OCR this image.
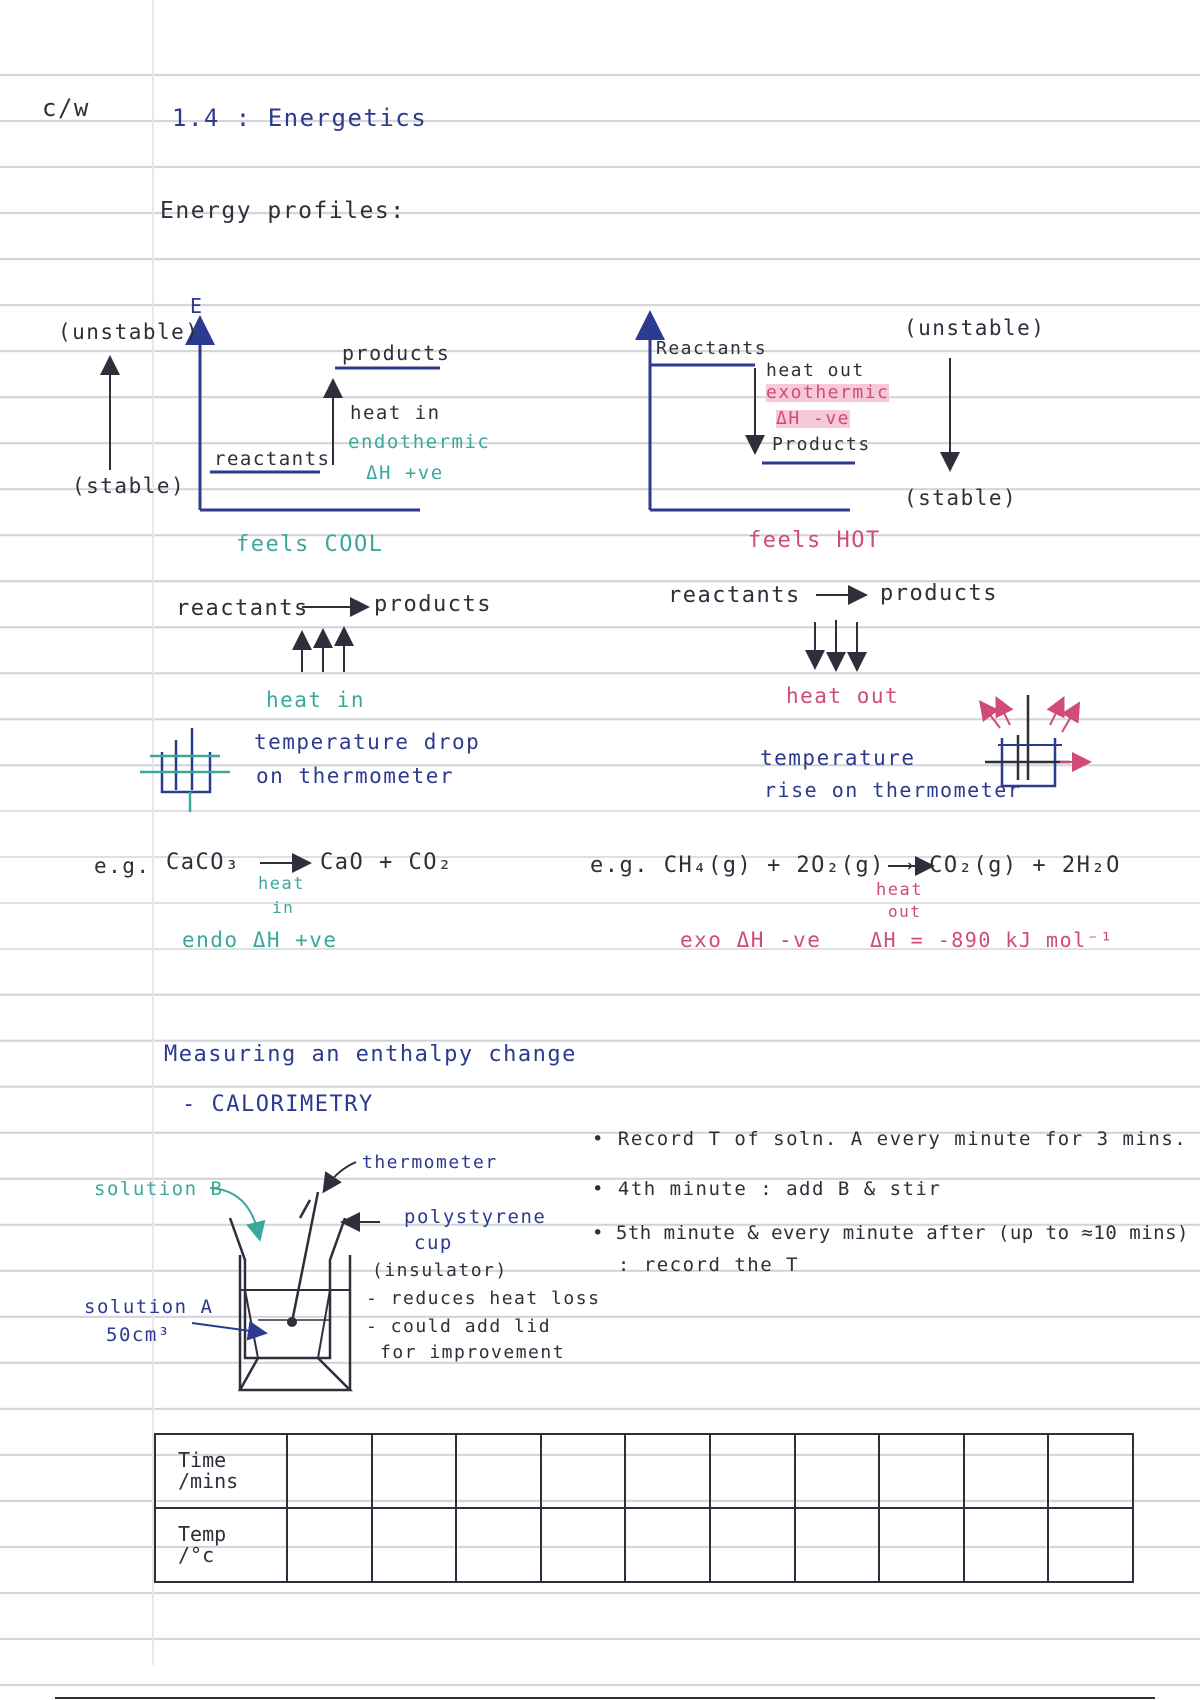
c/w	1.4 : Energetics
Energy profiles:
E
(unstable)
(stable)
products
reactants
heat in
endothermic
ΔH +ve
feels COOL
reactants	products
heat in
temperature drop
on thermometer
(unstable)
(stable)
Reactants
heat out
exothermic
ΔH -ve
Products
feels HOT
reactants	products
heat out
temperature
rise on thermometer
e.g. CaCO₃	CaO + CO₂
heat
in
endo ΔH +ve
e.g. CH₄(g) + 2O₂(g) → CO₂(g) + 2H₂O
heat
out
exo ΔH -ve ΔH = -890 kJ mol⁻¹
Measuring an enthalpy change
- CALORIMETRY
thermometer
solution B
polystyrene
cup
(insulator)
- reduces heat loss
- could add lid
for improvement
solution A
50cm³
• Record T of soln. A every minute for 3 mins.
• 4th minute : add B & stir
• 5th minute & every minute after (up to ≈10 mins)
: record the T
Time
/mins										
Temp
/°c										
